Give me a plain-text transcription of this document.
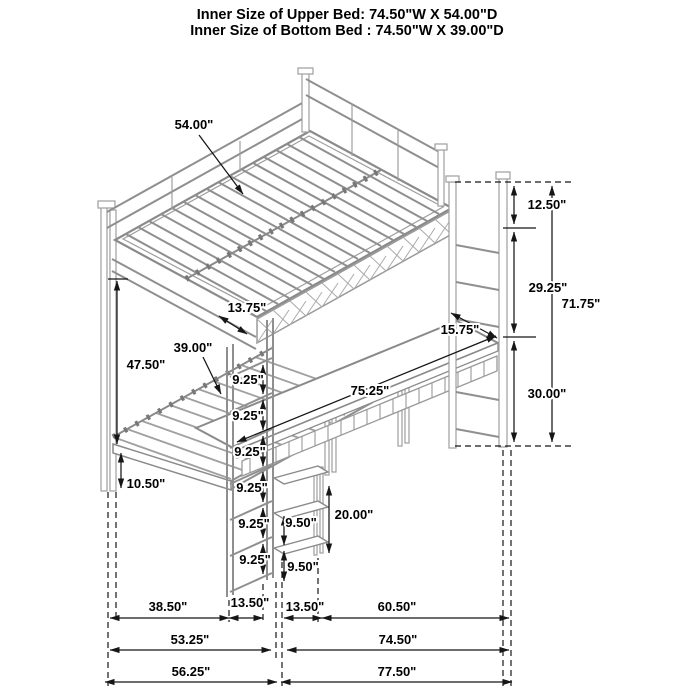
Inner Size of Upper Bed: 74.50"W X 54.00"D
Inner Size of Bottom Bed : 74.50"W X 39.00"D
54.00"
12.50"
29.25"
71.75"
30.00"
13.75"
15.75"
39.00"
47.50"
75.25"
10.50"
9.25"
9.25"
9.25"
9.25"
9.25"
9.25"
9.50"
9.50"
20.00"
38.50"	13.50" 13.50"	60.50"
53.25"	74.50"
56.25"	77.50"
